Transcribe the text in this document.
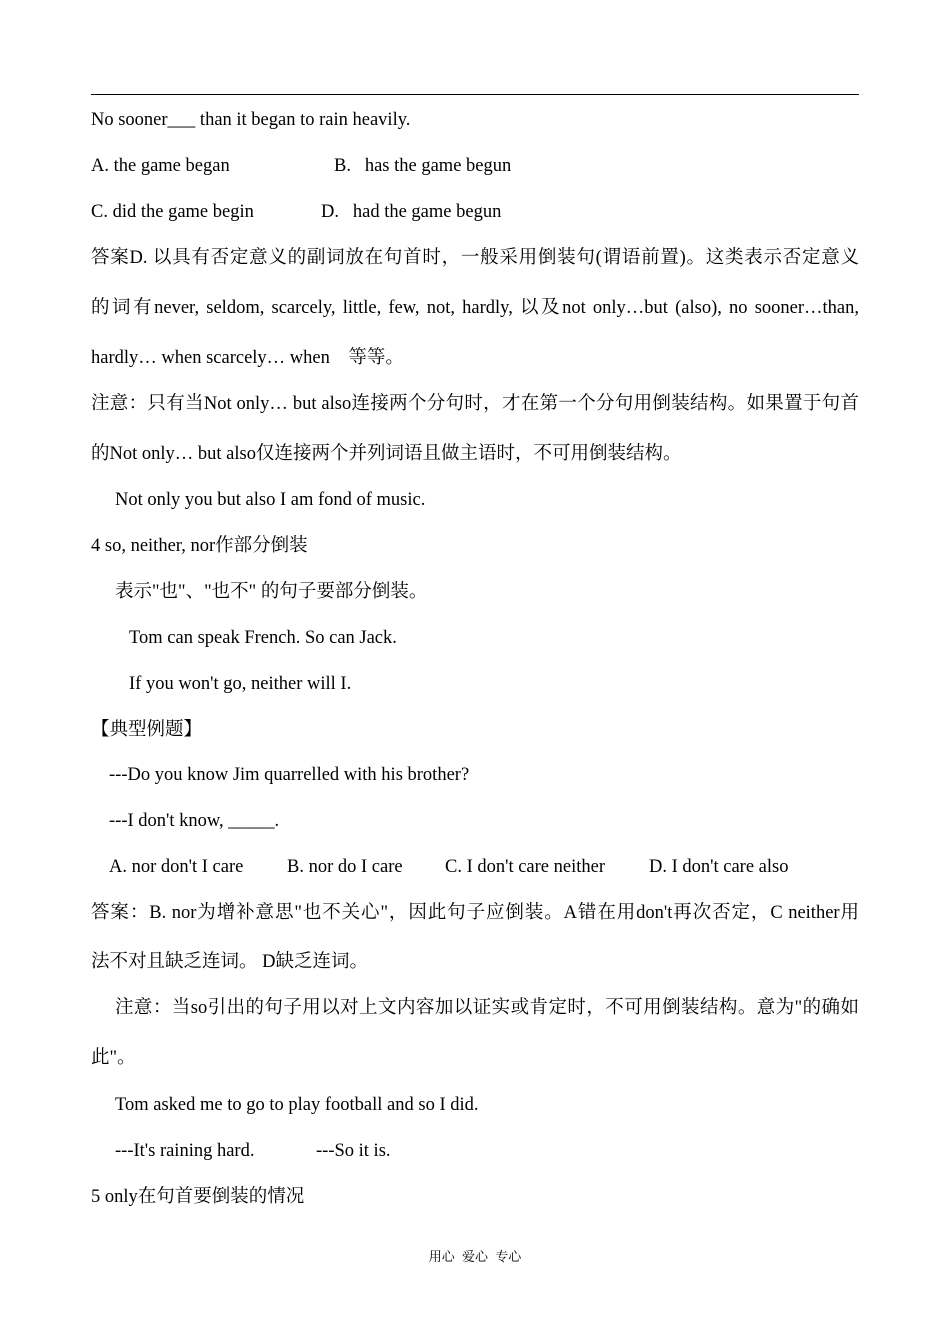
No sooner___ than it began to rain heavily.
A. the game began	B.   has the game begun
C. did the game begin	D.   had the game begun
答案D. 以具有否定意义的副词放在句首时，一般采用倒装句(谓语前置)。这类表示否定意义
的词有never, seldom, scarcely, little, few, not, hardly, 以及not only…but (also), no sooner…than,
hardly… when scarcely… when    等等。
注意：只有当Not only… but also连接两个分句时，才在第一个分句用倒装结构。如果置于句首
的Not only… but also仅连接两个并列词语且做主语时，不可用倒装结构。
Not only you but also I am fond of music.
4 so, neither, nor作部分倒装
表示"也"、"也不" 的句子要部分倒装。
Tom can speak French. So can Jack.
If you won't go, neither will I.
【典型例题】
---Do you know Jim quarrelled with his brother?
---I don't know, _____.
A. nor don't I care B. nor do I care C. I don't care neither D. I don't care also
答案：B. nor为增补意思"也不关心"，因此句子应倒装。A错在用don't再次否定，C neither用
法不对且缺乏连词。 D缺乏连词。
注意：当so引出的句子用以对上文内容加以证实或肯定时，不可用倒装结构。意为"的确如
此"。
Tom asked me to go to play football and so I did.
---It's raining hard.	---So it is.
5 only在句首要倒装的情况
用心 爱心 专心
